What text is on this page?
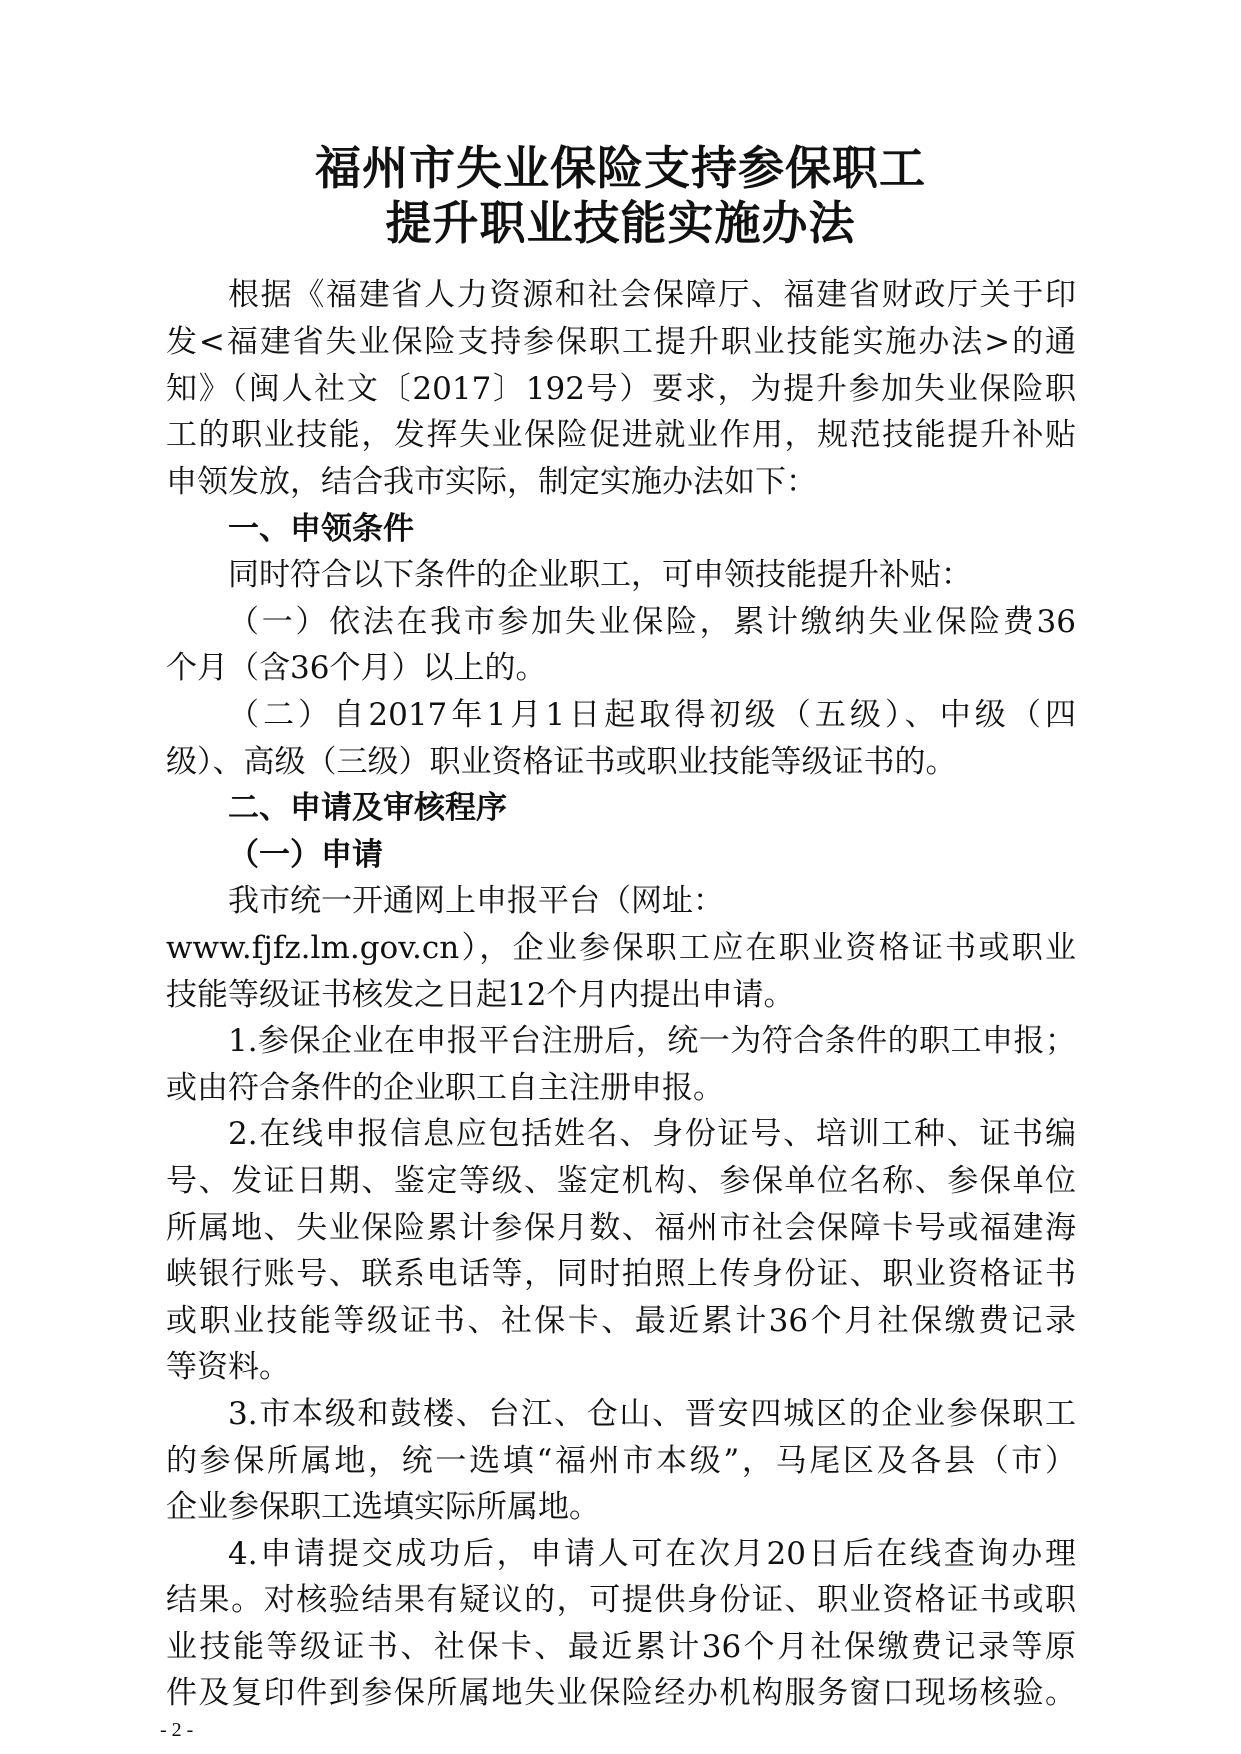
福州市失业保险支持参保职工
提升职业技能实施办法
根据《福建省人力资源和社会保障厅、福建省财政厅关于印
发<福建省失业保险支持参保职工提升职业技能实施办法>的通
知》（闽人社文〔2017〕192号）要求，为提升参加失业保险职
工的职业技能，发挥失业保险促进就业作用，规范技能提升补贴
申领发放，结合我市实际，制定实施办法如下：
一、申领条件
同时符合以下条件的企业职工，可申领技能提升补贴：
（一）依法在我市参加失业保险，累计缴纳失业保险费36
个月（含36个月）以上的。
（二）自2017年1月1日起取得初级（五级）、中级（四
级）、高级（三级）职业资格证书或职业技能等级证书的。
二、申请及审核程序
（一）申请
我市统一开通网上申报平台（网址：
www.fjfz.lm.gov.cn），企业参保职工应在职业资格证书或职业
技能等级证书核发之日起12个月内提出申请。
1.参保企业在申报平台注册后，统一为符合条件的职工申报；
或由符合条件的企业职工自主注册申报。
2.在线申报信息应包括姓名、身份证号、培训工种、证书编
号、发证日期、鉴定等级、鉴定机构、参保单位名称、参保单位
所属地、失业保险累计参保月数、福州市社会保障卡号或福建海
峡银行账号、联系电话等，同时拍照上传身份证、职业资格证书
或职业技能等级证书、社保卡、最近累计36个月社保缴费记录
等资料。
3.市本级和鼓楼、台江、仓山、晋安四城区的企业参保职工
的参保所属地，统一选填“福州市本级”，马尾区及各县（市）
企业参保职工选填实际所属地。
4.申请提交成功后，申请人可在次月20日后在线查询办理
结果。对核验结果有疑议的，可提供身份证、职业资格证书或职
业技能等级证书、社保卡、最近累计36个月社保缴费记录等原
件及复印件到参保所属地失业保险经办机构服务窗口现场核验。
- 2 -
